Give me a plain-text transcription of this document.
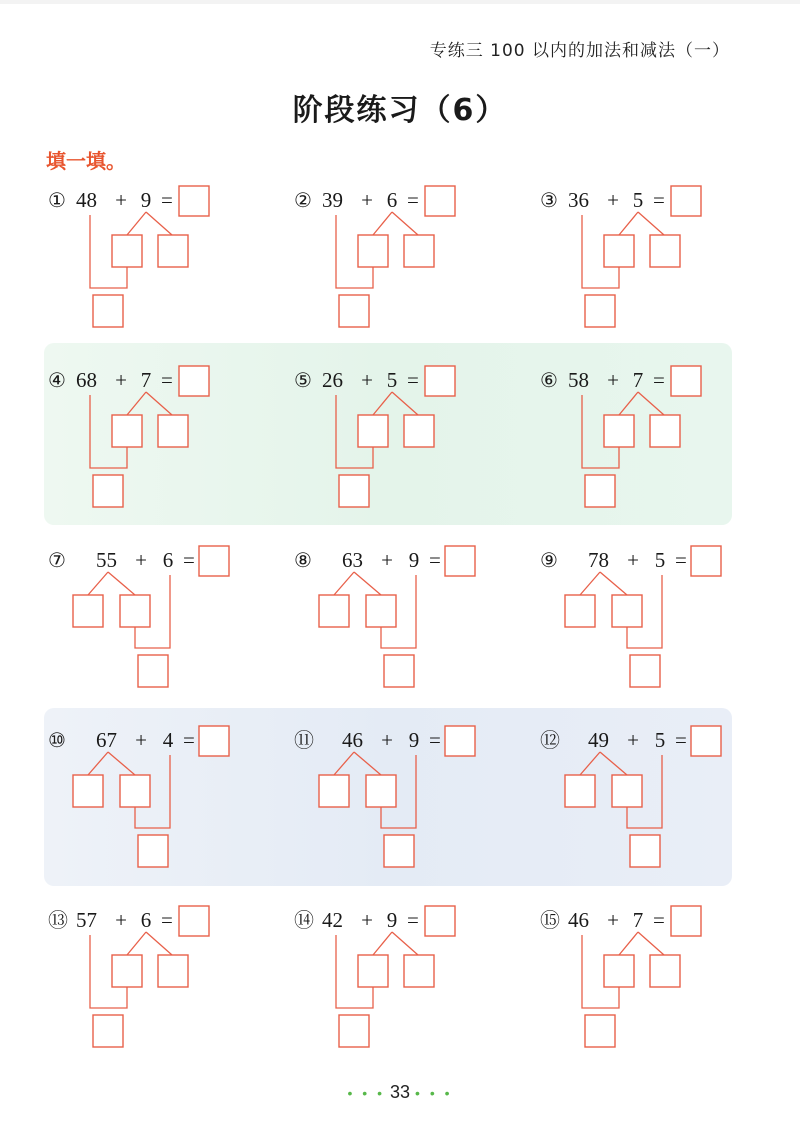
专练三 100 以内的加法和减法（一）
阶段练习（6）
填一填。
① 48 + 9 =	② 39 + 6 =	③ 36 + 5 =
④ 68 + 7 =	⑤ 26 + 5 =	⑥ 58 + 7 =
⑦ 55 + 6 =	⑧ 63 + 9 =	⑨ 78 + 5 =
⑩ 67 + 4 =	⑪ 46 + 9 =	⑫ 49 + 5 =
⑬ 57 + 6 =	⑭ 42 + 9 =	⑮ 46 + 7 =
• • • 33 • • •
